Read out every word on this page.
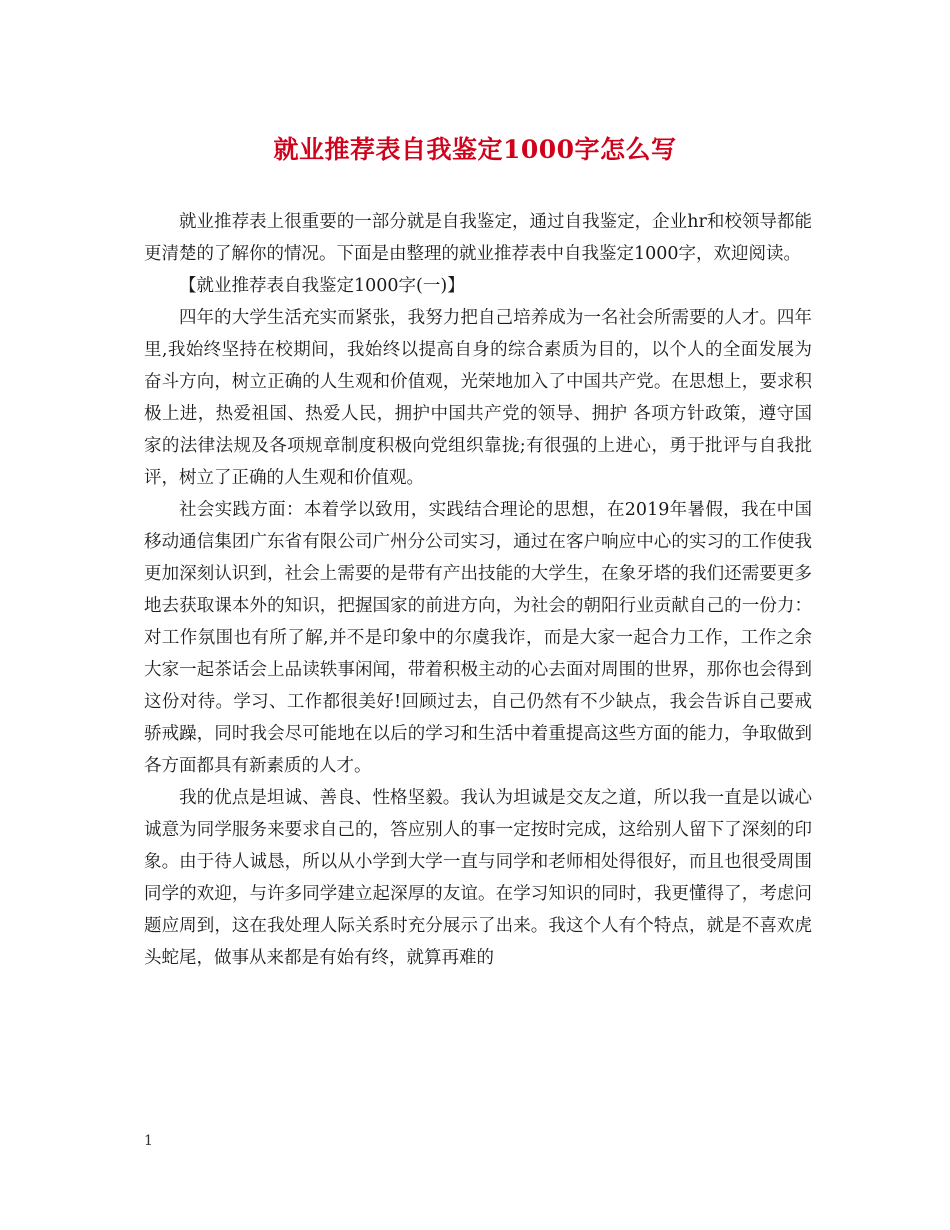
就业推荐表自我鉴定1000字怎么写

就业推荐表上很重要的一部分就是自我鉴定，通过自我鉴定，企业hr和校领导都能更清楚的了解你的情况。下面是由整理的就业推荐表中自我鉴定1000字，欢迎阅读。

【就业推荐表自我鉴定1000字(一)】

四年的大学生活充实而紧张，我努力把自己培养成为一名社会所需要的人才。四年里,我始终坚持在校期间，我始终以提高自身的综合素质为目的，以个人的全面发展为奋斗方向，树立正确的人生观和价值观，光荣地加入了中国共产党。在思想上，要求积极上进，热爱祖国、热爱人民，拥护中国共产党的领导、拥护 各项方针政策，遵守国家的法律法规及各项规章制度积极向党组织靠拢;有很强的上进心，勇于批评与自我批评，树立了正确的人生观和价值观。

社会实践方面：本着学以致用，实践结合理论的思想，在2019年暑假，我在中国移动通信集团广东省有限公司广州分公司实习，通过在客户响应中心的实习的工作使我更加深刻认识到，社会上需要的是带有产出技能的大学生，在象牙塔的我们还需要更多地去获取课本外的知识，把握国家的前进方向，为社会的朝阳行业贡献自己的一份力：对工作氛围也有所了解,并不是印象中的尔虞我诈，而是大家一起合力工作，工作之余大家一起茶话会上品读轶事闲闻，带着积极主动的心去面对周围的世界，那你也会得到这份对待。学习、工作都很美好!回顾过去，自己仍然有不少缺点，我会告诉自己要戒骄戒躁，同时我会尽可能地在以后的学习和生活中着重提高这些方面的能力，争取做到各方面都具有新素质的人才。

我的优点是坦诚、善良、性格坚毅。我认为坦诚是交友之道，所以我一直是以诚心诚意为同学服务来要求自己的，答应别人的事一定按时完成，这给别人留下了深刻的印象。由于待人诚恳，所以从小学到大学一直与同学和老师相处得很好，而且也很受周围同学的欢迎，与许多同学建立起深厚的友谊。在学习知识的同时，我更懂得了，考虑问题应周到，这在我处理人际关系时充分展示了出来。我这个人有个特点，就是不喜欢虎头蛇尾，做事从来都是有始有终，就算再难的

1
